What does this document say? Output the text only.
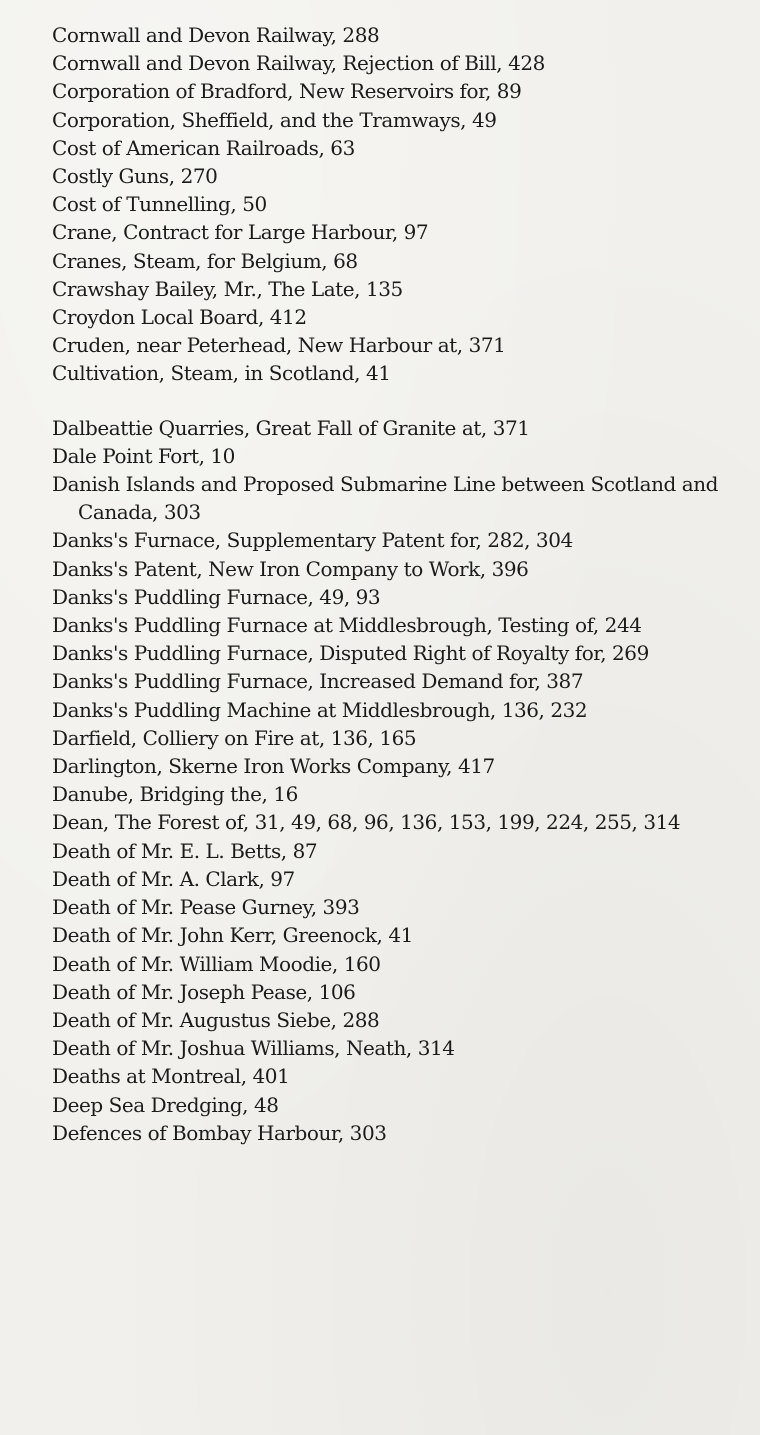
Cornwall and Devon Railway, 288
Cornwall and Devon Railway, Rejection of Bill, 428
Corporation of Bradford, New Reservoirs for, 89
Corporation, Sheffield, and the Tramways, 49
Cost of American Railroads, 63
Costly Guns, 270
Cost of Tunnelling, 50
Crane, Contract for Large Harbour, 97
Cranes, Steam, for Belgium, 68
Crawshay Bailey, Mr., The Late, 135
Croydon Local Board, 412
Cruden, near Peterhead, New Harbour at, 371
Cultivation, Steam, in Scotland, 41
Dalbeattie Quarries, Great Fall of Granite at, 371
Dale Point Fort, 10
Danish Islands and Proposed Submarine Line between Scotland and Canada, 303
Danks's Furnace, Supplementary Patent for, 282, 304
Danks's Patent, New Iron Company to Work, 396
Danks's Puddling Furnace, 49, 93
Danks's Puddling Furnace at Middlesbrough, Testing of, 244
Danks's Puddling Furnace, Disputed Right of Royalty for, 269
Danks's Puddling Furnace, Increased Demand for, 387
Danks's Puddling Machine at Middlesbrough, 136, 232
Darfield, Colliery on Fire at, 136, 165
Darlington, Skerne Iron Works Company, 417
Danube, Bridging the, 16
Dean, The Forest of, 31, 49, 68, 96, 136, 153, 199, 224, 255, 314
Death of Mr. E. L. Betts, 87
Death of Mr. A. Clark, 97
Death of Mr. Pease Gurney, 393
Death of Mr. John Kerr, Greenock, 41
Death of Mr. William Moodie, 160
Death of Mr. Joseph Pease, 106
Death of Mr. Augustus Siebe, 288
Death of Mr. Joshua Williams, Neath, 314
Deaths at Montreal, 401
Deep Sea Dredging, 48
Defences of Bombay Harbour, 303
